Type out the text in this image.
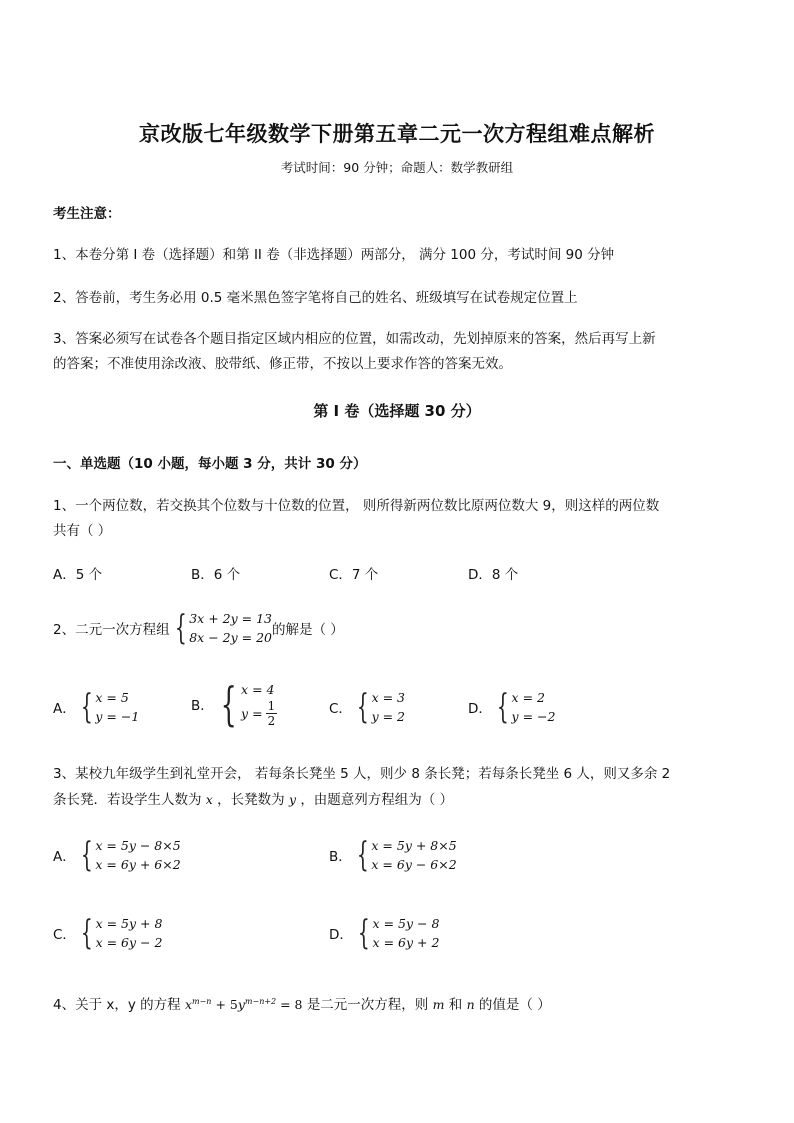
京改版七年级数学下册第五章二元一次方程组难点解析
考试时间：90 分钟；命题人：数学教研组
考生注意：
1、本卷分第 I 卷（选择题）和第 II 卷（非选择题）两部分， 满分 100 分，考试时间 90 分钟
2、答卷前，考生务必用 0.5 毫米黑色签字笔将自己的姓名、班级填写在试卷规定位置上
3、答案必须写在试卷各个题目指定区域内相应的位置，如需改动，先划掉原来的答案，然后再写上新
的答案；不准使用涂改液、胶带纸、修正带，不按以上要求作答的答案无效。
第 I 卷（选择题 30 分）
一、单选题（10 小题，每小题 3 分，共计 30 分）
1、一个两位数，若交换其个位数与十位数的位置， 则所得新两位数比原两位数大 9，则这样的两位数
共有（ ）
A．5 个	B．6 个	C．7 个	D．8 个
2、二元一次方程组 { 3x + 2y = 13
8x − 2y = 20 的解是（ ）
A． { x = 5
y = −1
B． { x = 4
$y = \frac{1}{2}$	C． { x = 3
y = 2	D． { x = 2
y = −2
3、某校九年级学生到礼堂开会， 若每条长凳坐 5 人，则少 8 条长凳；若每条长凳坐 6 人，则又多余 2
条长凳．若设学生人数为 x ，长凳数为 y ，由题意列方程组为（ ）
A． { x = 5y − 8×5
x = 6y + 6×2	B． { x = 5y + 8×5
x = 6y − 6×2
C． { x = 5y + 8
x = 6y − 2	D． { x = 5y − 8
x = 6y + 2
4、关于 x，y 的方程 $x^{m-n} + 5y^{m-n+2} = 8$ 是二元一次方程，则 m 和 n 的值是（ ）
